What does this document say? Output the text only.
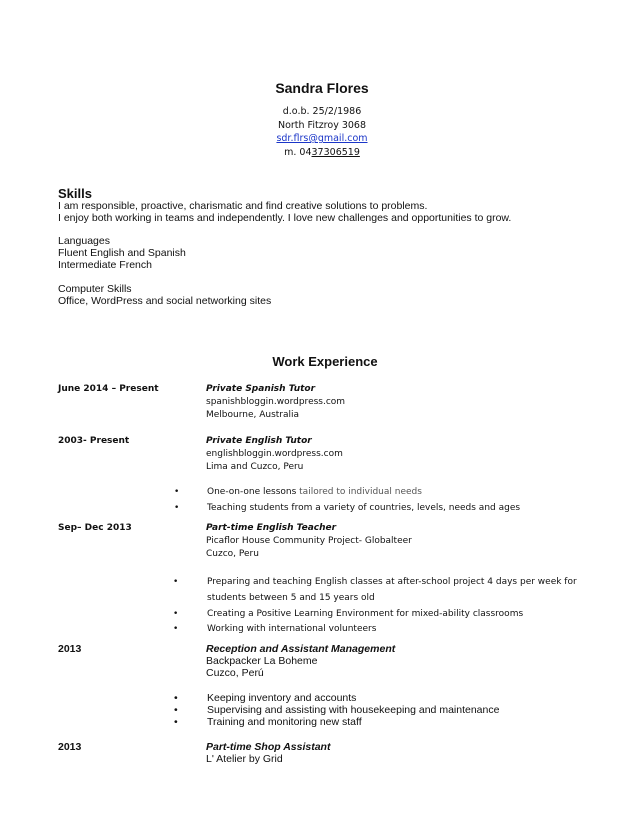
Sandra Flores
d.o.b. 25/2/1986
North Fitzroy 3068
sdr.flrs@gmail.com
m. 0437306519
Skills

I am responsible, proactive, charismatic and find creative solutions to problems.

I enjoy both working in teams and independently. I love new challenges and opportunities to grow.

Languages

Fluent English and Spanish

Intermediate French

Computer Skills

Office, WordPress and social networking sites

Work Experience
June 2014 – Present	Private Spanish Tutor
spanishbloggin.wordpress.com
Melbourne, Australia
2003- Present	Private English Tutor
englishbloggin.wordpress.com
Lima and Cuzco, Peru
•	One-on-one lessons tailored to individual needs
•	Teaching students from a variety of countries, levels, needs and ages
Sep– Dec 2013	Part-time English Teacher
Picaflor House Community Project- Globalteer
Cuzco, Peru
•	Preparing and teaching English classes at after-school project 4 days per week for
students between 5 and 15 years old
•	Creating a Positive Learning Environment for mixed-ability classrooms
•	Working with international volunteers
2013	Reception and Assistant Management
Backpacker La Boheme
Cuzco, Perú
•	Keeping inventory and accounts
•	Supervising and assisting with housekeeping and maintenance
•	Training and monitoring new staff
2013	Part-time Shop Assistant
L' Atelier by Grid
